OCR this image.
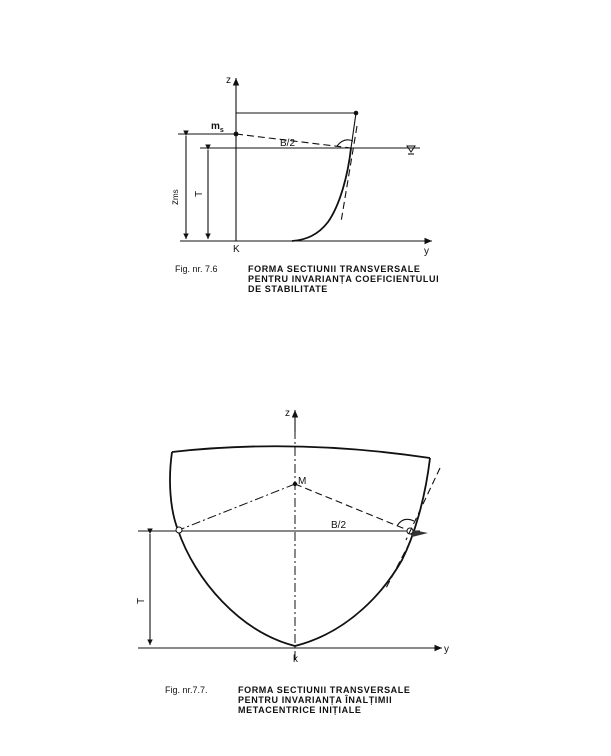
z
y
K
$m_s$
B/2
zms T
Fig. nr. 7.6	FORMA SECTIUNII TRANSVERSALE
PENTRU INVARIANȚA COEFICIENTULUI
DE STABILITATE
z
y
k
M
B/2
T
Fig. nr.7.7.	FORMA SECTIUNII TRANSVERSALE
PENTRU INVARIANȚA ÎNALȚIMII
METACENTRICE INIȚIALE
